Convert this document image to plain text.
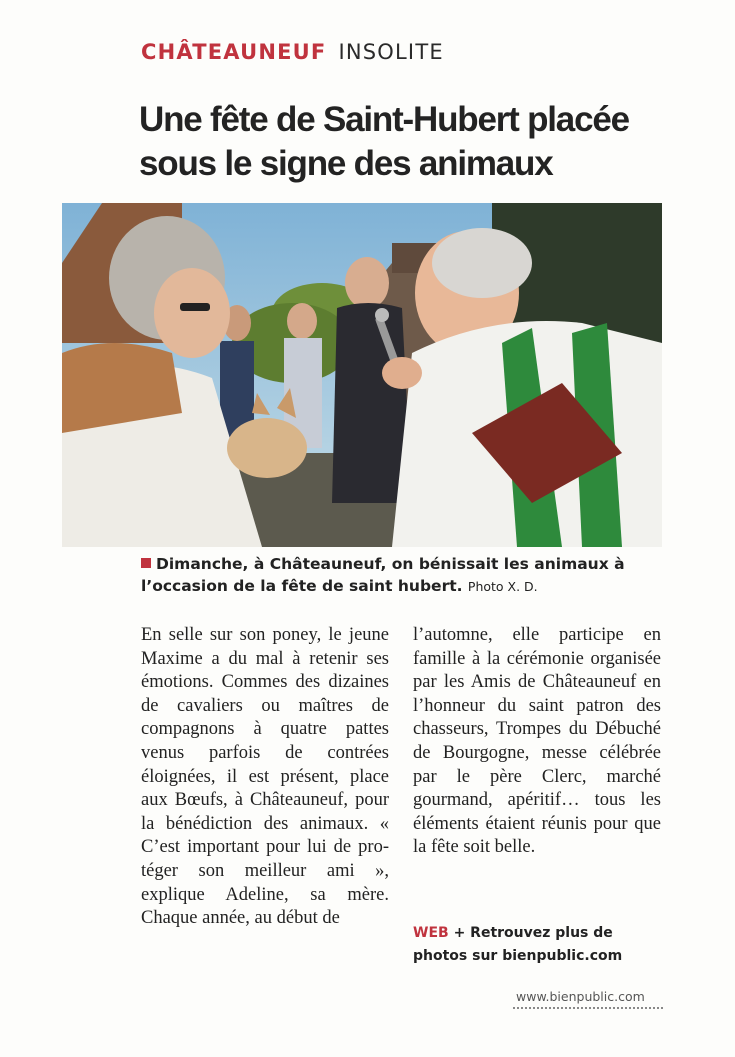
CHÂTEAUNEUF INSOLITE
Une fête de Saint-Hubert placée sous le signe des animaux
Dimanche, à Châteauneuf, on bénissait les animaux à l’occasion de la fête de saint hubert. Photo X. D.

En selle sur son poney, le jeune Maxime a du mal à retenir ses émotions. Commes des dizaines de cavaliers ou maîtres de compagnons à quatre pattes venus parfois de contrées éloignées, il est présent, place aux Bœufs, à Châteauneuf, pour la bénédiction des animaux. « C’est important pour lui de protéger son meilleur ami », explique Adeline, sa mère. Chaque année, au début de

l’automne, elle participe en famille à la cérémonie organisée par les Amis de Châteauneuf en l’honneur du saint patron des chasseurs, Trompes du Débuché de Bourgogne, messe célébrée par le père Clerc, marché gourmand, apéritif… tous les éléments étaient réunis pour que la fête soit belle.

WEB + Retrouvez plus de photos sur bienpublic.com
www.bienpublic.com
